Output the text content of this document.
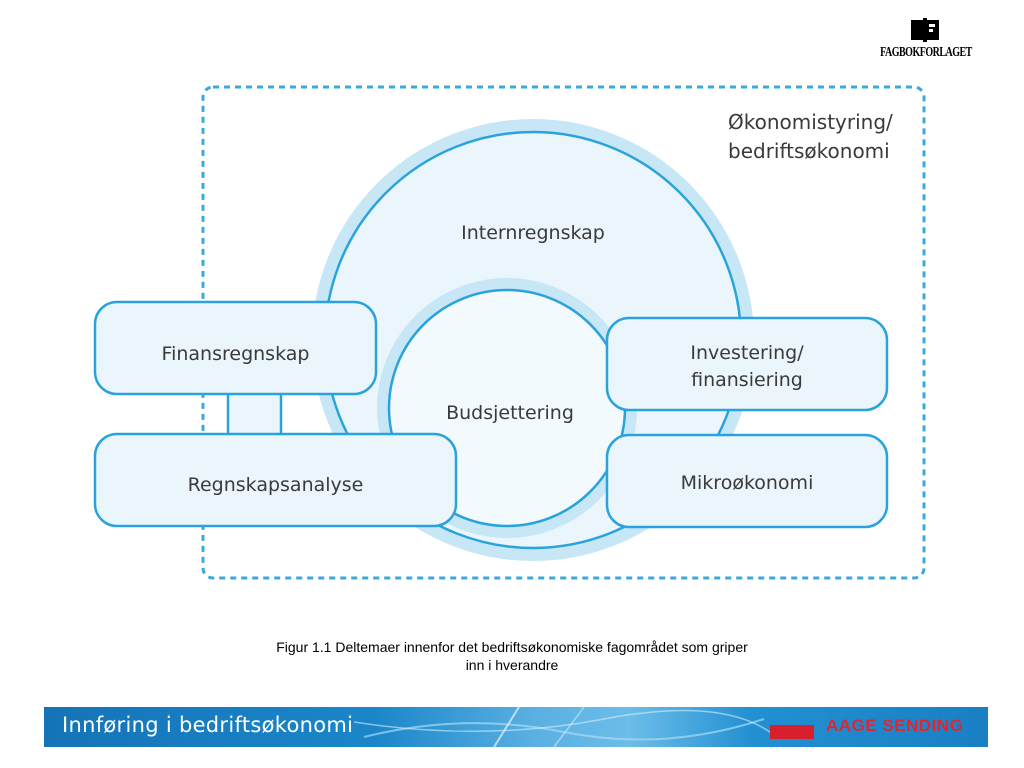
FAGBOKFORLAGET
Økonomistyring/
bedriftsøkonomi
Internregnskap
Budsjettering
Finansregnskap
Regnskapsanalyse
Investering/
finansiering
Mikroøkonomi
Figur 1.1 Deltemaer innenfor det bedriftsøkonomiske fagområdet som griper
inn i hverandre
Innføring i bedriftsøkonomi	AAGE SENDING
